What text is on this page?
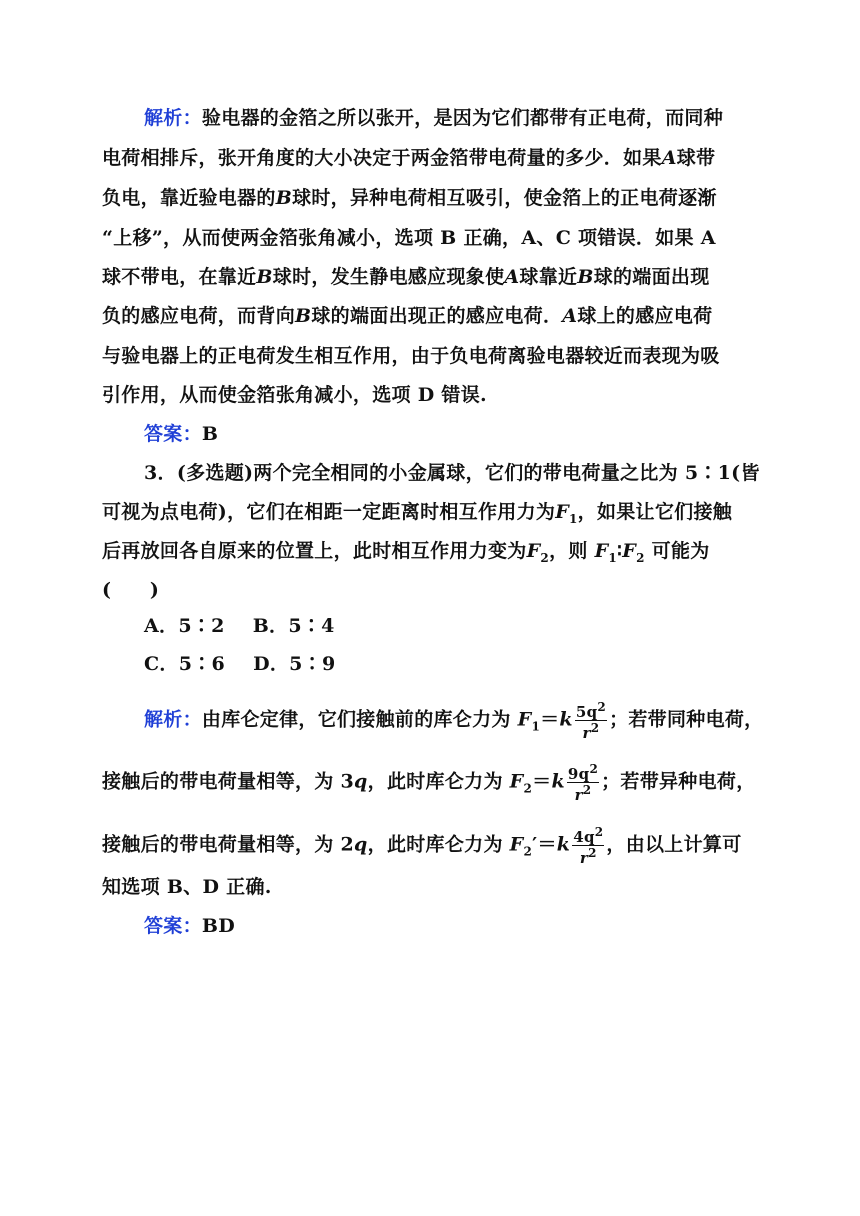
解析：验电器的金箔之所以张开，是因为它们都带有正电荷，而同种
电荷相排斥，张开角度的大小决定于两金箔带电荷量的多少．如果A球带
负电，靠近验电器的B球时，异种电荷相互吸引，使金箔上的正电荷逐渐
“上移”，从而使两金箔张角减小，选项 B 正确，A、C 项错误．如果 A
球不带电，在靠近B球时，发生静电感应现象使A球靠近B球的端面出现
负的感应电荷，而背向B球的端面出现正的感应电荷．A球上的感应电荷
与验电器上的正电荷发生相互作用，由于负电荷离验电器较近而表现为吸
引作用，从而使金箔张角减小，选项 D 错误.
答案：B
3．(多选题)两个完全相同的小金属球，它们的带电荷量之比为 5∶1(皆
可视为点电荷)，它们在相距一定距离时相互作用力为$F_1$，如果让它们接触
后再放回各自原来的位置上，此时相互作用力变为$F_2$，则 $F_1∶F_2$ 可能为
(　　)
A．5∶2 B．5∶4
C．5∶6 D．5∶9
解析：由库仑定律，它们接触前的库仑力为 $F_1=k \frac{5q^2}{r^2}$ ；若带同种电荷，
接触后的带电荷量相等，为 3q，此时库仑力为 $F_2=k \frac{9q^2}{r^2}$ ；若带异种电荷，
接触后的带电荷量相等，为 2q，此时库仑力为 $F_2'=k \frac{4q^2}{r^2}$ ，由以上计算可
知选项 B、D 正确.
答案：BD
